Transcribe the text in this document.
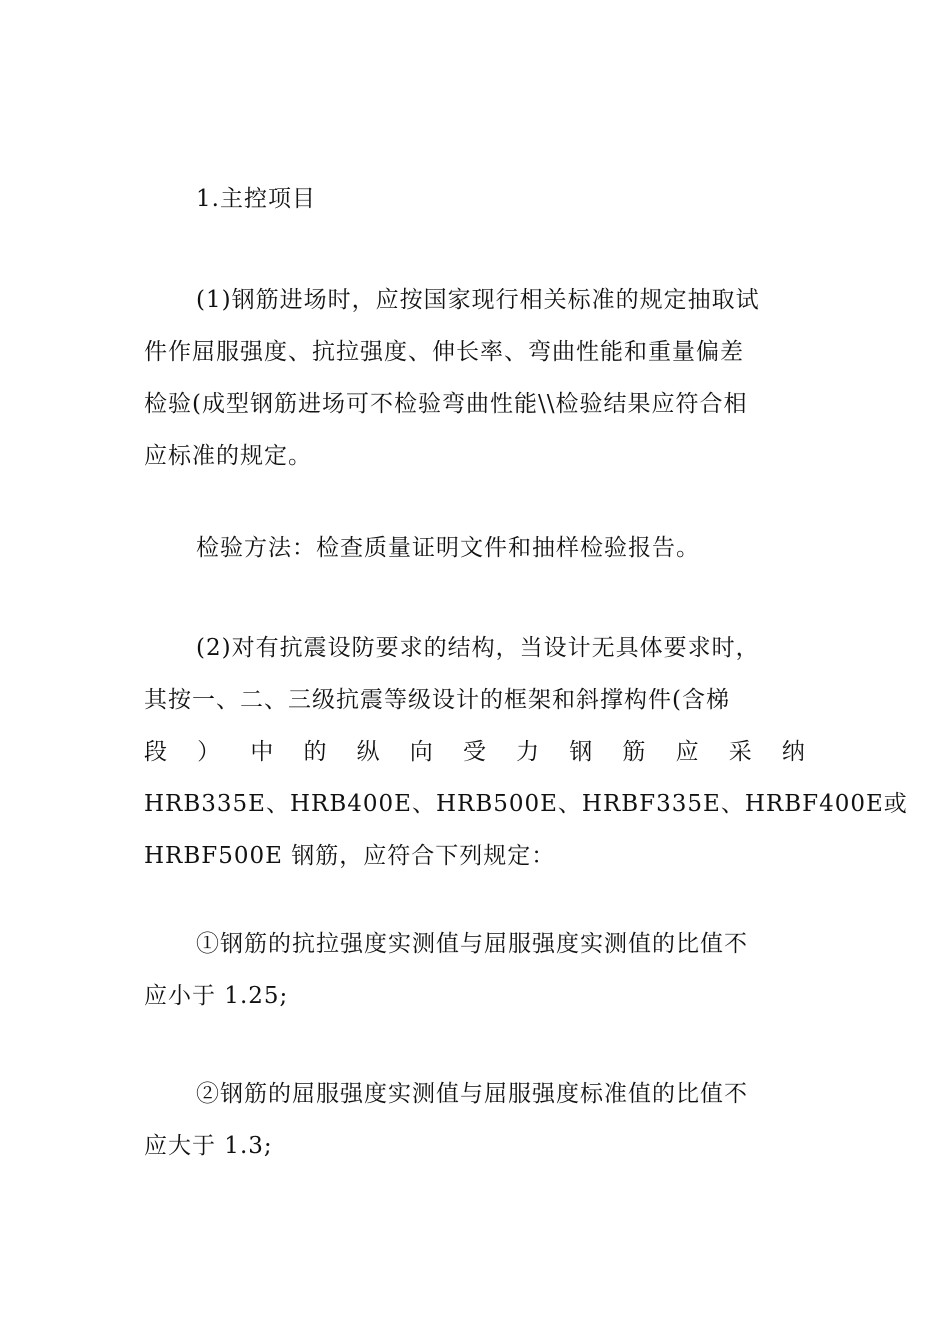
1.主控项目

(1)钢筋进场时，应按国家现行相关标准的规定抽取试
件作屈服强度、抗拉强度、伸长率、弯曲性能和重量偏差
检验(成型钢筋进场可不检验弯曲性能\\检验结果应符合相
应标准的规定。

检验方法：检查质量证明文件和抽样检验报告。

(2)对有抗震设防要求的结构，当设计无具体要求时，
其按一、二、三级抗震等级设计的框架和斜撑构件(含梯
段 ） 中 的 纵 向 受 力 钢 筋 应 采 纳
HRB335E 、 HRB400E 、 HRB500E 、 HRBF335E 、 HRBF400E 或
HRBF500E 钢筋，应符合下列规定：

①钢筋的抗拉强度实测值与屈服强度实测值的比值不
应小于 1.25;

②钢筋的屈服强度实测值与屈服强度标准值的比值不
应大于 1.3;
